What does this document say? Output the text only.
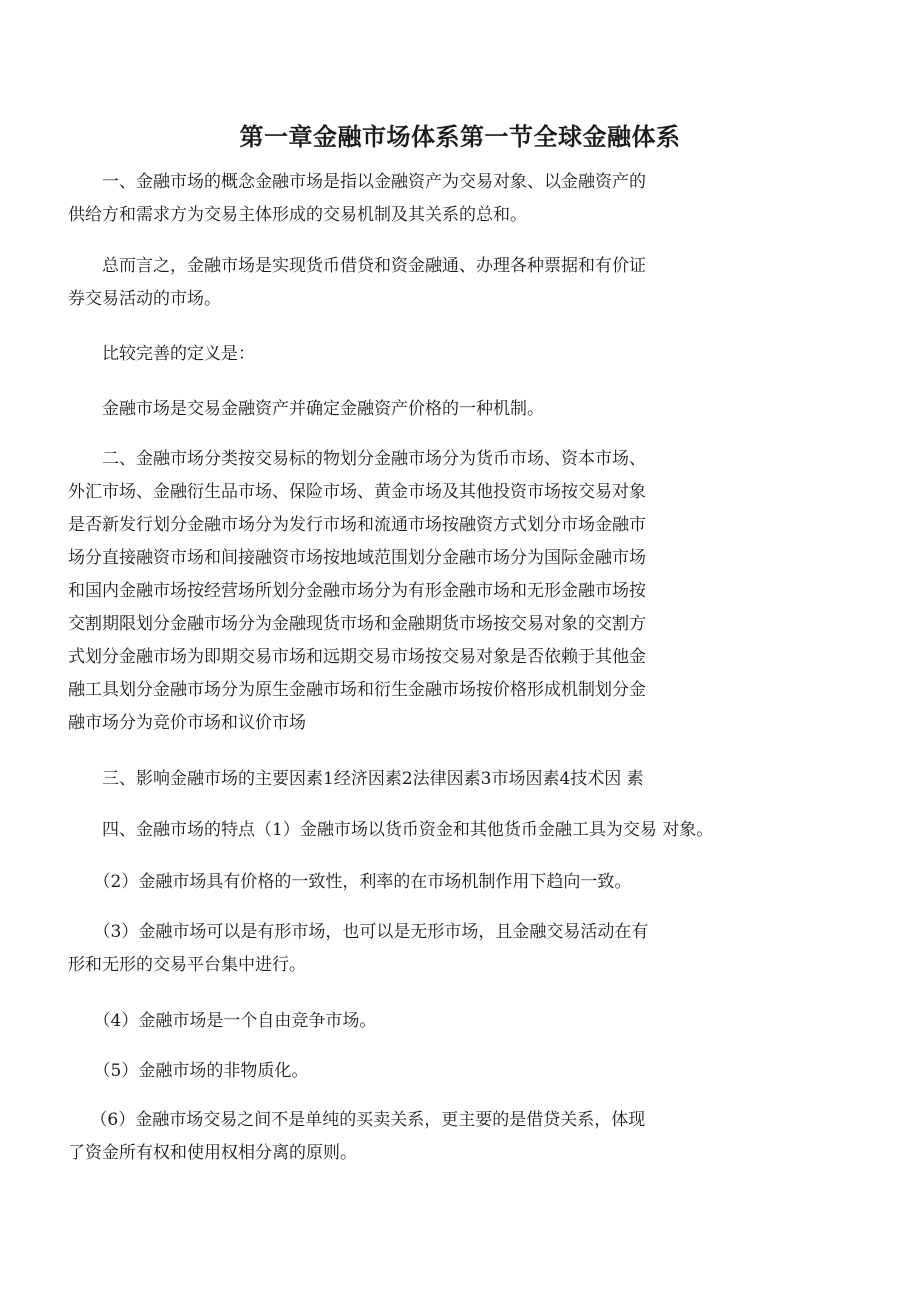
第一章金融市场体系第一节全球金融体系

　　一、金融市场的概念金融市场是指以金融资产为交易对象、以金融资产的
供给方和需求方为交易主体形成的交易机制及其关系的总和。

　　总而言之，金融市场是实现货币借贷和资金融通、办理各种票据和有价证
券交易活动的市场。

　　比较完善的定义是：

　　金融市场是交易金融资产并确定金融资产价格的一种机制。

　　二、金融市场分类按交易标的物划分金融市场分为货币市场、资本市场、
外汇市场、金融衍生品市场、保险市场、黄金市场及其他投资市场按交易对象
是否新发行划分金融市场分为发行市场和流通市场按融资方式划分市场金融市
场分直接融资市场和间接融资市场按地域范围划分金融市场分为国际金融市场
和国内金融市场按经营场所划分金融市场分为有形金融市场和无形金融市场按
交割期限划分金融市场分为金融现货市场和金融期货市场按交易对象的交割方
式划分金融市场为即期交易市场和远期交易市场按交易对象是否依赖于其他金
融工具划分金融市场分为原生金融市场和衍生金融市场按价格形成机制划分金
融市场分为竞价市场和议价市场

　　三、影响金融市场的主要因素1经济因素2法律因素3市场因素4技术因 素

　　四、金融市场的特点（1）金融市场以货币资金和其他货币金融工具为交易 对象。

　　（2）金融市场具有价格的一致性，利率的在市场机制作用下趋向一致。

　　（3）金融市场可以是有形市场，也可以是无形市场，且金融交易活动在有
形和无形的交易平台集中进行。

　　（4）金融市场是一个自由竞争市场。

　　（5）金融市场的非物质化。

　 （6）金融市场交易之间不是单纯的买卖关系，更主要的是借贷关系，体现
了资金所有权和使用权相分离的原则。
